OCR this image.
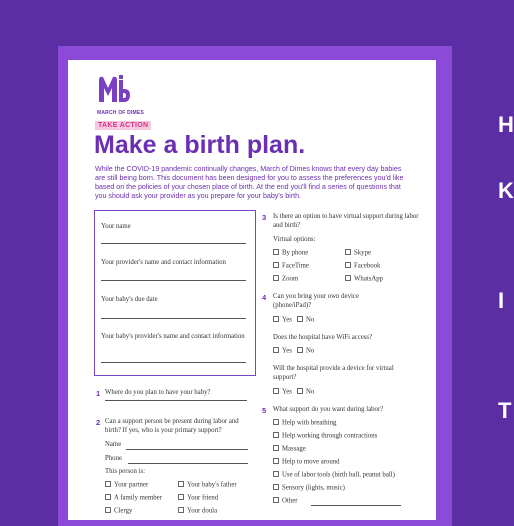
H
K
I
T
MARCH OF DIMES
TAKE ACTION
Make a birth plan.
While the COVID-19 pandemic continually changes, March of Dimes knows that every day babies are still being born. This document has been designed for you to assess the preferences you'd like based on the policies of your chosen place of birth. At the end you'll find a series of questions that you should ask your provider as you prepare for your baby's birth.
Your name
Your provider's name and contact information
Your baby's due date
Your baby's provider's name and contact information
1 Where do you plan to have your baby?
2 Can a support person be present during labor and birth? If yes, who is your primary support?
Name
Phone
This person is:
Your partner	Your baby's father
A family member	Your friend
Clergy	Your doula
3 Is there an option to have virtual support during labor and birth?
Virtual options:
By phone	Skype
FaceTime	Facebook
Zoom	WhatsApp
4 Can you bring your own device (phone/iPad)?
Yes	No
Does the hospital have WiFi access?
Yes	No
Will the hospital provide a device for virtual support?
Yes	No
5 What support do you want during labor?
Help with breathing
Help working through contractions
Massage
Help to move around
Use of labor tools (birth ball, peanut ball)
Sensory (lights, music)
Other
